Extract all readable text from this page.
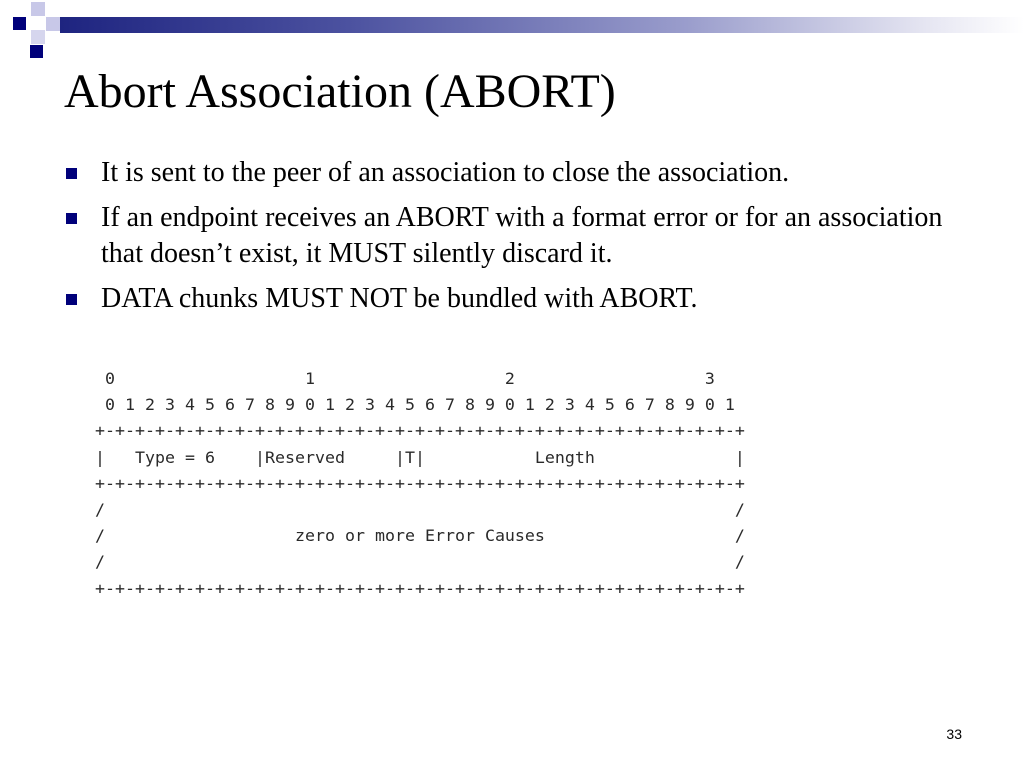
Abort Association (ABORT)
It is sent to the peer of an association to close the association.
If an endpoint receives an ABORT with a format error or for an association that doesn’t exist, it MUST silently discard it.
DATA chunks MUST NOT be bundled with ABORT.
0                   1                   2                   3
0 1 2 3 4 5 6 7 8 9 0 1 2 3 4 5 6 7 8 9 0 1 2 3 4 5 6 7 8 9 0 1
+-+-+-+-+-+-+-+-+-+-+-+-+-+-+-+-+-+-+-+-+-+-+-+-+-+-+-+-+-+-+-+-+
|   Type = 6    |Reserved     |T|           Length              |
+-+-+-+-+-+-+-+-+-+-+-+-+-+-+-+-+-+-+-+-+-+-+-+-+-+-+-+-+-+-+-+-+
/                                                               /
/                   zero or more Error Causes                   /
/                                                               /
+-+-+-+-+-+-+-+-+-+-+-+-+-+-+-+-+-+-+-+-+-+-+-+-+-+-+-+-+-+-+-+-+
33
